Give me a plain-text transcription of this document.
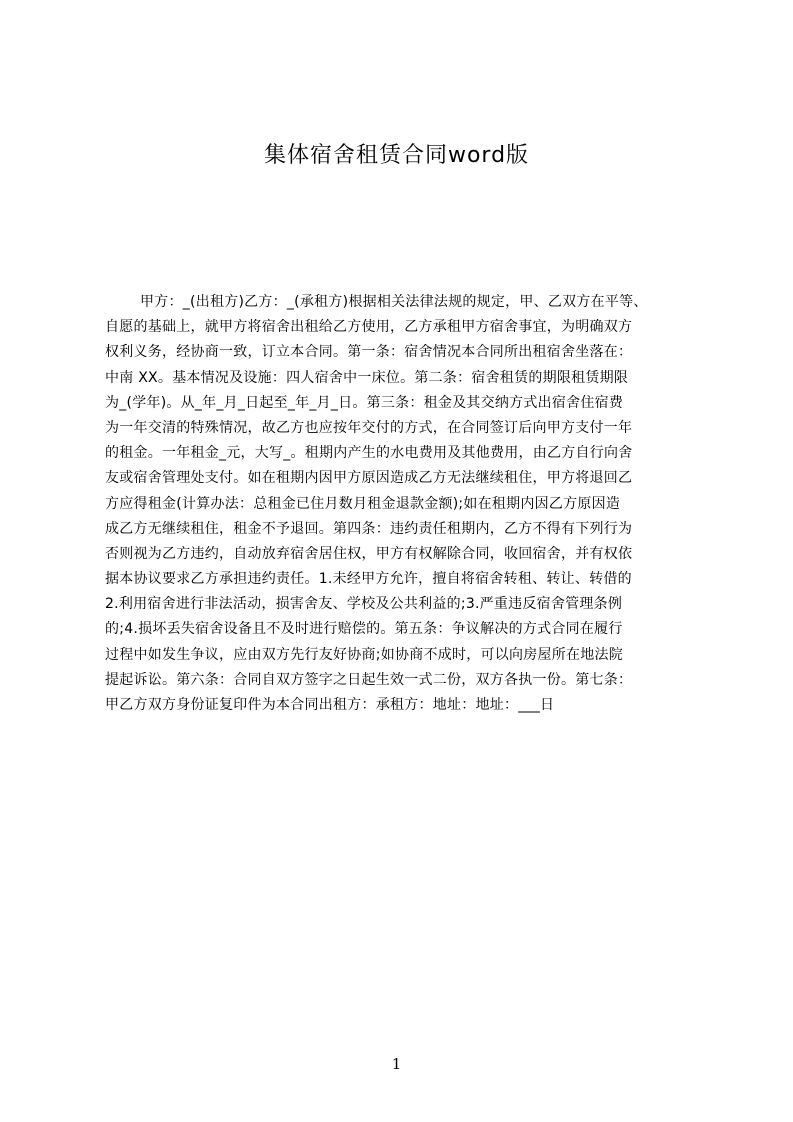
集体宿舍租赁合同word版
甲方：_(出租方)乙方：_(承租方)根据相关法律法规的规定，甲、乙双方在平等、
自愿的基础上，就甲方将宿舍出租给乙方使用，乙方承租甲方宿舍事宜，为明确双方
权利义务，经协商一致，订立本合同。第一条：宿舍情况本合同所出租宿舍坐落在：
中南 XX。基本情况及设施：四人宿舍中一床位。第二条：宿舍租赁的期限租赁期限
为_(学年)。从_年_月_日起至_年_月_日。第三条：租金及其交纳方式出宿舍住宿费
为一年交清的特殊情况，故乙方也应按年交付的方式，在合同签订后向甲方支付一年
的租金。一年租金_元，大写_。租期内产生的水电费用及其他费用，由乙方自行向舍
友或宿舍管理处支付。如在租期内因甲方原因造成乙方无法继续租住，甲方将退回乙
方应得租金(计算办法：总租金已住月数月租金退款金额);如在租期内因乙方原因造
成乙方无继续租住，租金不予退回。第四条：违约责任租期内，乙方不得有下列行为
否则视为乙方违约，自动放弃宿舍居住权，甲方有权解除合同，收回宿舍，并有权依
据本协议要求乙方承担违约责任。1.未经甲方允许，擅自将宿舍转租、转让、转借的
2.利用宿舍进行非法活动，损害舍友、学校及公共利益的;3.严重违反宿舍管理条例
的;4.损坏丢失宿舍设备且不及时进行赔偿的。第五条：争议解决的方式合同在履行
过程中如发生争议，应由双方先行友好协商;如协商不成时，可以向房屋所在地法院
提起诉讼。第六条：合同自双方签字之日起生效一式二份，双方各执一份。第七条：
甲乙方双方身份证复印件为本合同出租方：承租方：地址：地址：___日
1
